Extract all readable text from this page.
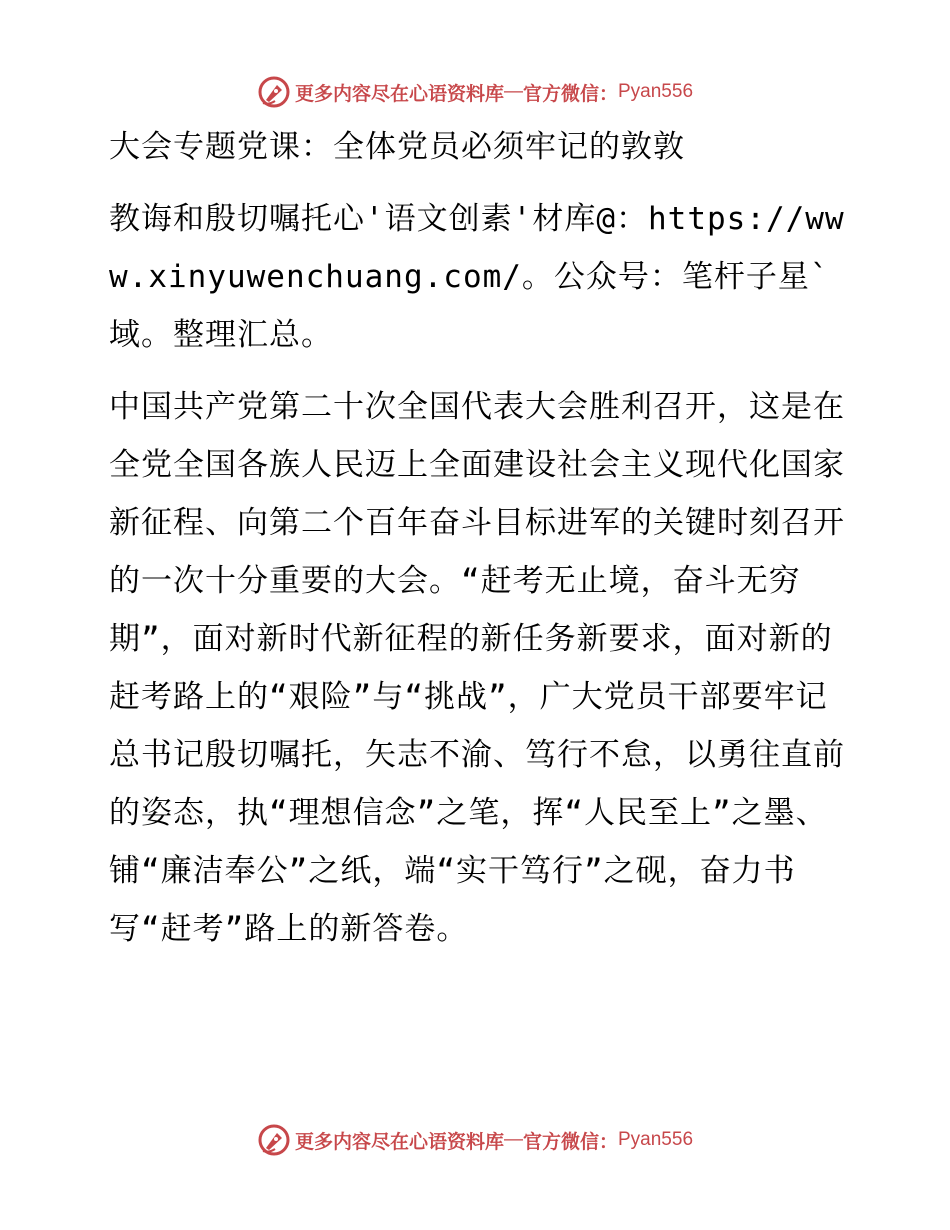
更多内容尽在心语资料库 — 官方微信： Pyan556

大会专题党课：全体党员必须牢记的敦敦

教诲和殷切嘱托心'语文创素'材库@：https://www.xinyuwenchuang.com/。公众号：笔杆子星`域。整理汇总。

中国共产党第二十次全国代表大会胜利召开，这是在全党全国各族人民迈上全面建设社会主义现代化国家新征程、向第二个百年奋斗目标进军的关键时刻召开的一次十分重要的大会。“赶考无止境，奋斗无穷期”，面对新时代新征程的新任务新要求，面对新的赶考路上的“艰险”与“挑战”，广大党员干部要牢记总书记殷切嘱托，矢志不渝、笃行不怠，以勇往直前的姿态，执“理想信念”之笔，挥“人民至上”之墨、铺“廉洁奉公”之纸，端“实干笃行”之砚，奋力书写“赶考”路上的新答卷。

更多内容尽在心语资料库 — 官方微信： Pyan556
